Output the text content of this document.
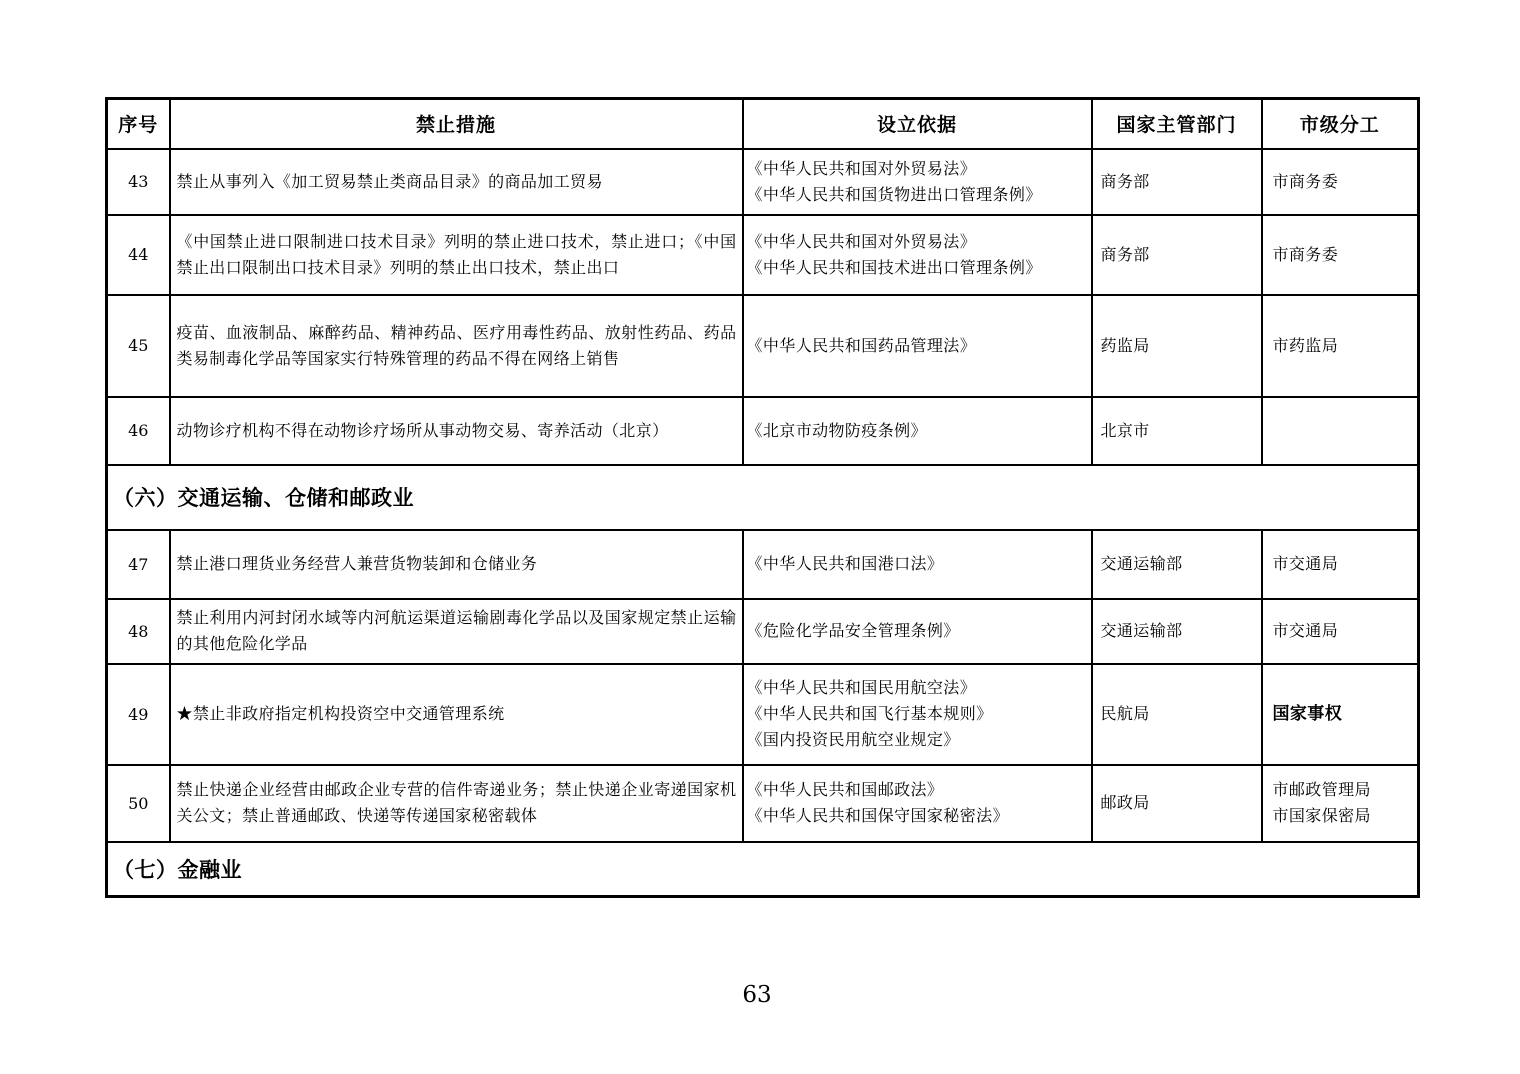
序号	禁止措施	设立依据	国家主管部门	市级分工
43	禁止从事列入《加工贸易禁止类商品目录》的商品加工贸易	《中华人民共和国对外贸易法》
《中华人民共和国货物进出口管理条例》	商务部	市商务委

44	《中国禁止进口限制进口技术目录》列明的禁止进口技术，禁止进口；《中国禁止出口限制出口技术目录》列明的禁止出口技术，禁止出口	《中华人民共和国对外贸易法》
《中华人民共和国技术进出口管理条例》	商务部	市商务委

45	疫苗、血液制品、麻醉药品、精神药品、医疗用毒性药品、放射性药品、药品类易制毒化学品等国家实行特殊管理的药品不得在网络上销售	《中华人民共和国药品管理法》	药监局	市药监局

46	动物诊疗机构不得在动物诊疗场所从事动物交易、寄养活动（北京）	《北京市动物防疫条例》	北京市	
（六）交通运输、仓储和邮政业				
47	禁止港口理货业务经营人兼营货物装卸和仓储业务	《中华人民共和国港口法》	交通运输部	市交通局

48	禁止利用内河封闭水域等内河航运渠道运输剧毒化学品以及国家规定禁止运输的其他危险化学品	《危险化学品安全管理条例》	交通运输部	市交通局

49	★禁止非政府指定机构投资空中交通管理系统	《中华人民共和国民用航空法》
《中华人民共和国飞行基本规则》
《国内投资民用航空业规定》	民航局	国家事权

50	禁止快递企业经营由邮政企业专营的信件寄递业务；禁止快递企业寄递国家机关公文；禁止普通邮政、快递等传递国家秘密载体	《中华人民共和国邮政法》
《中华人民共和国保守国家秘密法》	邮政局	市邮政管理局
市国家保密局

（七）金融业				
63
